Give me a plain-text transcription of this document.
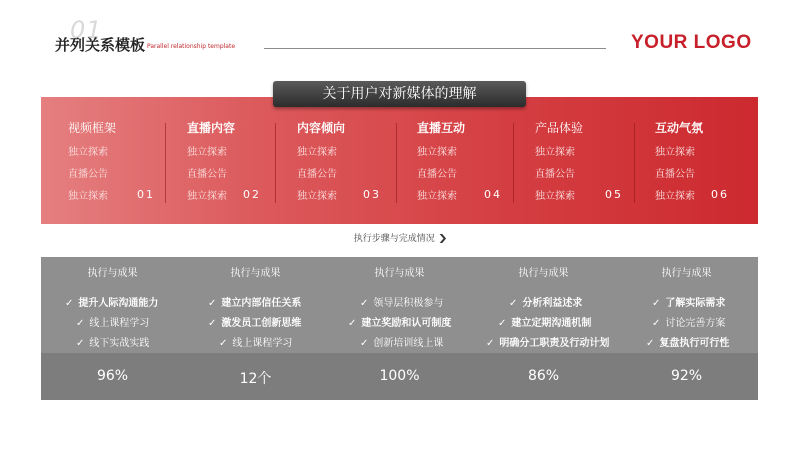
01
并列关系模板 Parallel relationship template	YOUR LOGO
视频框架
独立探索
直播公告
独立探索	01
直播内容
独立探索
直播公告
独立探索 02
内容倾向
独立探索
直播公告
独立探索 03
直播互动
独立探索
直播公告
独立探索 04
产品体验
独立探索
直播公告
独立探索	05
互动气氛
独立探索
直播公告
独立探索 06
关于用户对新媒体的理解
执行步骤与完成情况 ❯
执行与成果
✓ 提升人际沟通能力
✓ 线上课程学习
✓ 线下实战实践
96%
执行与成果
✓ 建立内部信任关系
✓ 激发员工创新思维
✓ 线上课程学习
12个
执行与成果
✓ 领导层积极参与
✓ 建立奖励和认可制度
✓ 创新培训线上课
100%
执行与成果
✓ 分析利益述求
✓ 建立定期沟通机制
✓ 明确分工职责及行动计划
86%
执行与成果
✓ 了解实际需求
✓ 讨论完善方案
✓ 复盘执行可行性
92%
